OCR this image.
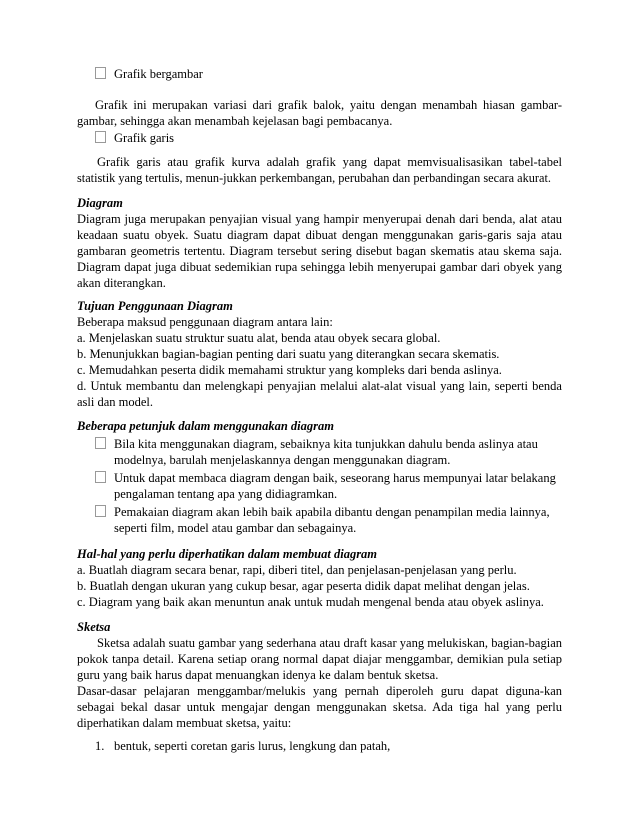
Grafik bergambar

Grafik ini merupakan variasi dari grafik balok, yaitu dengan menambah hiasan gambar-

gambar, sehingga akan menambah kejelasan bagi pembacanya.

Grafik garis

Grafik garis atau grafik kurva adalah grafik yang dapat memvisualisasikan tabel-tabel

statistik yang tertulis, menun-jukkan perkembangan, perubahan dan perbandingan secara akurat.

Diagram

Diagram juga merupakan penyajian visual yang hampir menyerupai denah dari benda, alat atau

keadaan suatu obyek. Suatu diagram dapat dibuat dengan menggunakan garis-garis saja atau

gambaran geometris tertentu. Diagram tersebut sering disebut bagan skematis atau skema saja.

Diagram dapat juga dibuat sedemikian rupa sehingga lebih menyerupai gambar dari obyek yang

akan diterangkan.

Tujuan Penggunaan Diagram

Beberapa maksud penggunaan diagram antara lain:

a. Menjelaskan suatu struktur suatu alat, benda atau obyek secara global.

b. Menunjukkan bagian-bagian penting dari suatu yang diterangkan secara skematis.

c. Memudahkan peserta didik memahami struktur yang kompleks dari benda aslinya.

d. Untuk membantu dan melengkapi penyajian melalui alat-alat visual yang lain, seperti benda

asli dan model.

Beberapa petunjuk dalam menggunakan diagram

Bila kita menggunakan diagram, sebaiknya kita tunjukkan dahulu benda aslinya atau

modelnya, barulah menjelaskannya dengan menggunakan diagram.

Untuk dapat membaca diagram dengan baik, seseorang harus mempunyai latar belakang

pengalaman tentang apa yang didiagramkan.

Pemakaian diagram akan lebih baik apabila dibantu dengan penampilan media lainnya,

seperti film, model atau gambar dan sebagainya.

Hal-hal yang perlu diperhatikan dalam membuat diagram

a. Buatlah diagram secara benar, rapi, diberi titel, dan penjelasan-penjelasan yang perlu.

b. Buatlah dengan ukuran yang cukup besar, agar peserta didik dapat melihat dengan jelas.

c. Diagram yang baik akan menuntun anak untuk mudah mengenal benda atau obyek aslinya.

Sketsa

Sketsa adalah suatu gambar yang sederhana atau draft kasar yang melukiskan, bagian-bagian

pokok tanpa detail. Karena setiap orang normal dapat diajar menggambar, demikian pula setiap

guru yang baik harus dapat menuangkan idenya ke dalam bentuk sketsa.

Dasar-dasar pelajaran menggambar/melukis yang pernah diperoleh guru dapat diguna-kan

sebagai bekal dasar untuk mengajar dengan menggunakan sketsa. Ada tiga hal yang perlu

diperhatikan dalam membuat sketsa, yaitu:

1. bentuk, seperti coretan garis lurus, lengkung dan patah,
